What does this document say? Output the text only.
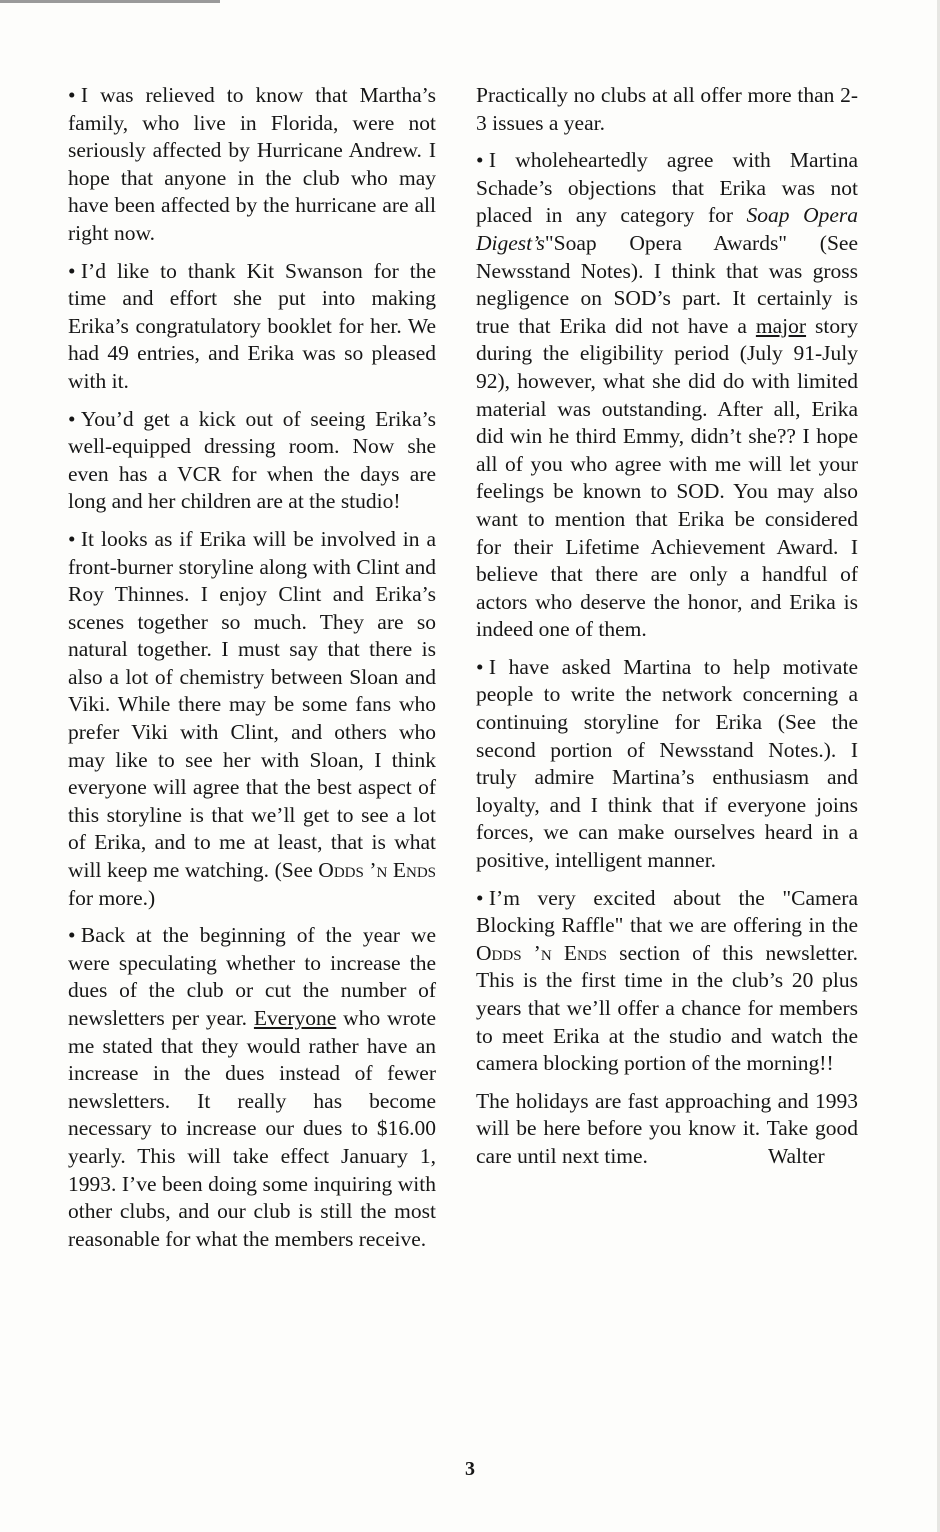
• I was relieved to know that Martha’s family, who live in Florida, were not seriously affected by Hurricane Andrew. I hope that anyone in the club who may have been affected by the hurricane are all right now.

• I’d like to thank Kit Swanson for the time and effort she put into making Erika’s congratulatory booklet for her. We had 49 entries, and Erika was so pleased with it.

• You’d get a kick out of seeing Erika’s well-equipped dressing room. Now she even has a VCR for when the days are long and her children are at the studio!

• It looks as if Erika will be involved in a front-burner storyline along with Clint and Roy Thinnes. I enjoy Clint and Erika’s scenes together so much. They are so natural together. I must say that there is also a lot of chemistry between Sloan and Viki. While there may be some fans who prefer Viki with Clint, and others who may like to see her with Sloan, I think everyone will agree that the best aspect of this storyline is that we’ll get to see a lot of Erika, and to me at least, that is what will keep me watching. (See Odds ’n Ends for more.)

• Back at the beginning of the year we were speculating whether to increase the dues of the club or cut the number of newsletters per year. Everyone who wrote me stated that they would rather have an increase in the dues instead of fewer newsletters. It really has become necessary to increase our dues to $16.00 yearly. This will take effect January 1, 1993. I’ve been doing some inquiring with other clubs, and our club is still the most reasonable for what the members receive.

Practically no clubs at all offer more than 2-3 issues a year.

• I wholeheartedly agree with Martina Schade’s objections that Erika was not placed in any category for Soap Opera Digest’s"Soap Opera Awards" (See Newsstand Notes). I think that was gross negligence on SOD’s part. It certainly is true that Erika did not have a major story during the eligibility period (July 91-July 92), however, what she did do with limited material was outstanding. After all, Erika did win he third Emmy, didn’t she?? I hope all of you who agree with me will let your feelings be known to SOD. You may also want to mention that Erika be considered for their Lifetime Achievement Award. I believe that there are only a handful of actors who deserve the honor, and Erika is indeed one of them.

• I have asked Martina to help motivate people to write the network concerning a continuing storyline for Erika (See the second portion of Newsstand Notes.). I truly admire Martina’s enthusiasm and loyalty, and I think that if everyone joins forces, we can make ourselves heard in a positive, intelligent manner.

• I’m very excited about the "Camera Blocking Raffle" that we are offering in the Odds ’n Ends section of this newsletter. This is the first time in the club’s 20 plus years that we’ll offer a chance for members to meet Erika at the studio and watch the camera blocking portion of the morning!!

The holidays are fast approaching and 1993 will be here before you know it. Take good care until next time.	Walter

3
